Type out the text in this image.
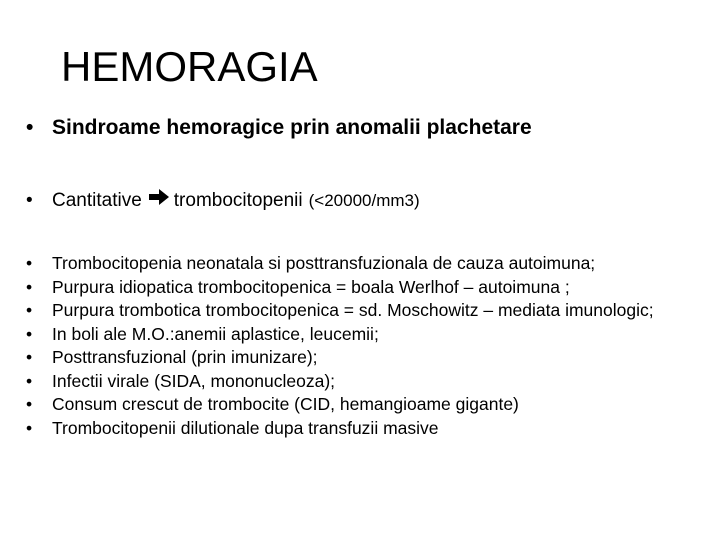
HEMORAGIA
• Sindroame hemoragice prin anomalii plachetare
•	Cantitative trombocitopenii (<20000/mm3)
•	Trombocitopenia neonatala si posttransfuzionala de cauza autoimuna;
•	Purpura idiopatica trombocitopenica = boala Werlhof – autoimuna ;
•	Purpura trombotica trombocitopenica = sd. Moschowitz – mediata imunologic;
•	In boli ale M.O.:anemii aplastice, leucemii;
•	Posttransfuzional (prin imunizare);
•	Infectii virale (SIDA, mononucleoza);
•	Consum crescut de trombocite (CID, hemangioame gigante)
•	Trombocitopenii dilutionale dupa transfuzii masive
